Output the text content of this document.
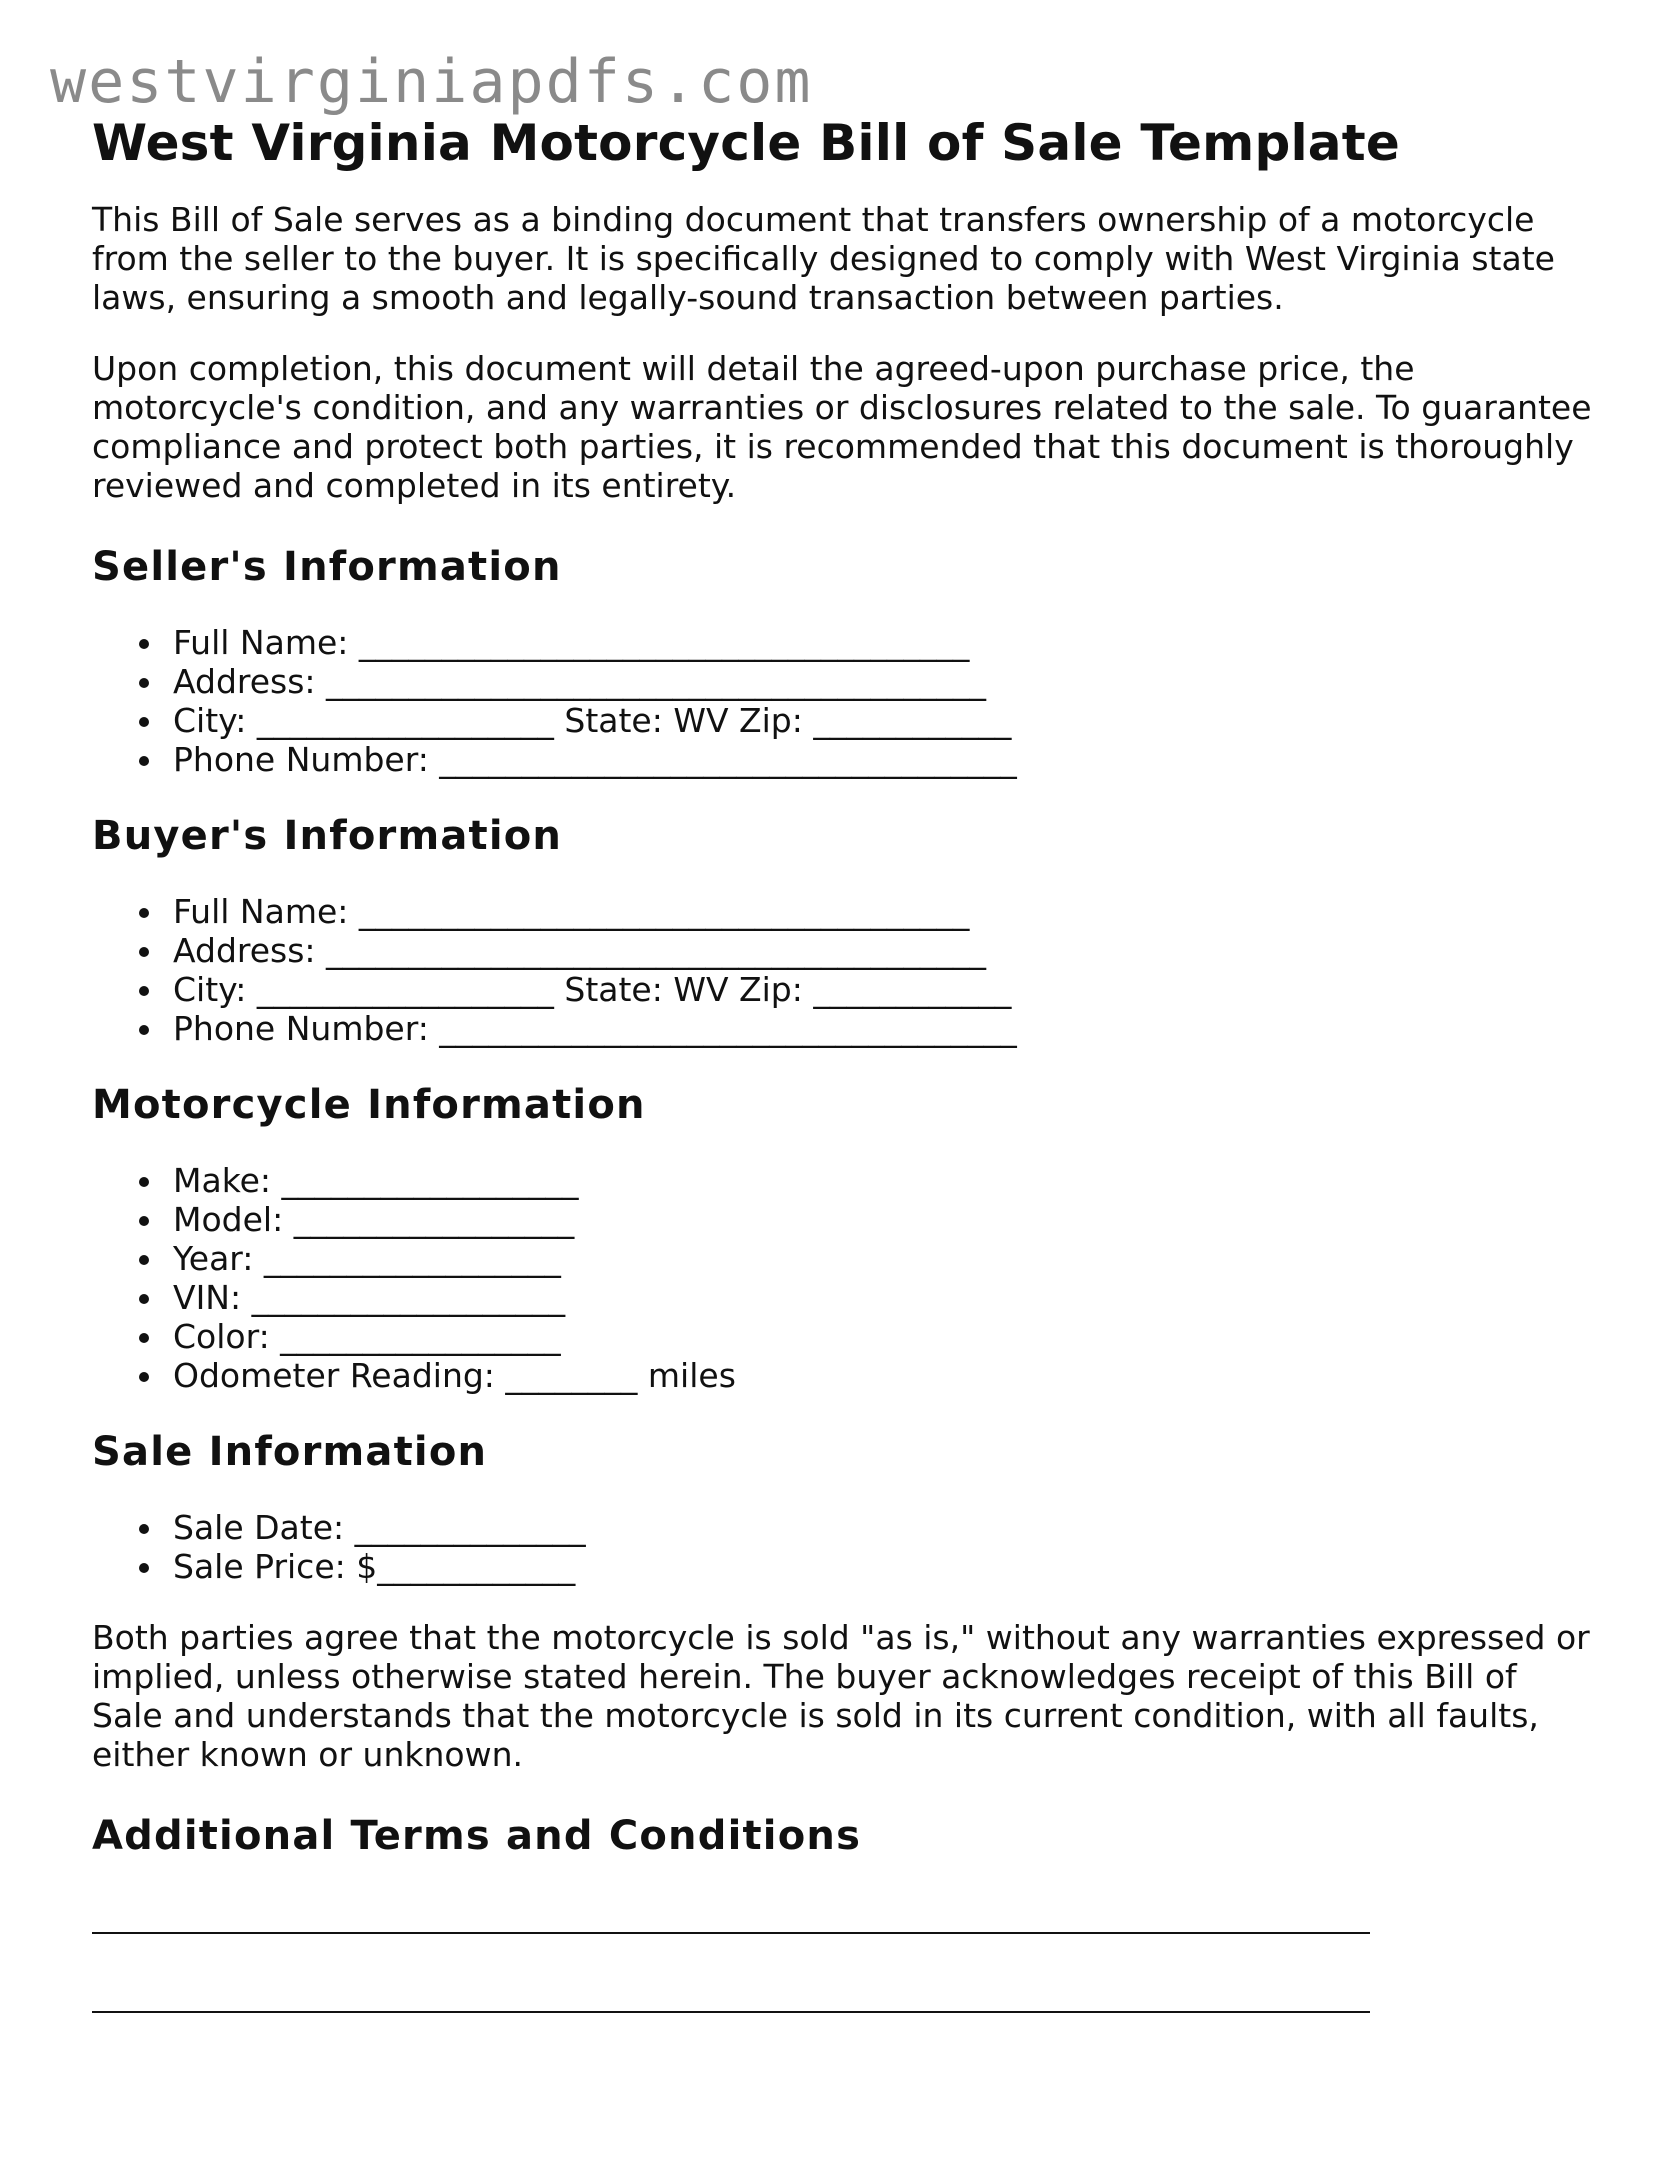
westvirginiapdfs.com
West Virginia Motorcycle Bill of Sale Template

This Bill of Sale serves as a binding document that transfers ownership of a motorcycle from the seller to the buyer. It is specifically designed to comply with West Virginia state laws, ensuring a smooth and legally-sound transaction between parties.

Upon completion, this document will detail the agreed-upon purchase price, the motorcycle's condition, and any warranties or disclosures related to the sale. To guarantee compliance and protect both parties, it is recommended that this document is thoroughly reviewed and completed in its entirety.

Seller's Information
Full Name: _____________________________________
Address: ________________________________________
City: __________________ State: WV Zip: ____________
Phone Number: ___________________________________
Buyer's Information
Full Name: _____________________________________
Address: ________________________________________
City: __________________ State: WV Zip: ____________
Phone Number: ___________________________________
Motorcycle Information
Make: __________________
Model: _________________
Year: __________________
VIN: ___________________
Color: _________________
Odometer Reading: ________ miles
Sale Information
Sale Date: ______________
Sale Price: $____________

Both parties agree that the motorcycle is sold "as is," without any warranties expressed or implied, unless otherwise stated herein. The buyer acknowledges receipt of this Bill of Sale and understands that the motorcycle is sold in its current condition, with all faults, either known or unknown.

Additional Terms and Conditions
